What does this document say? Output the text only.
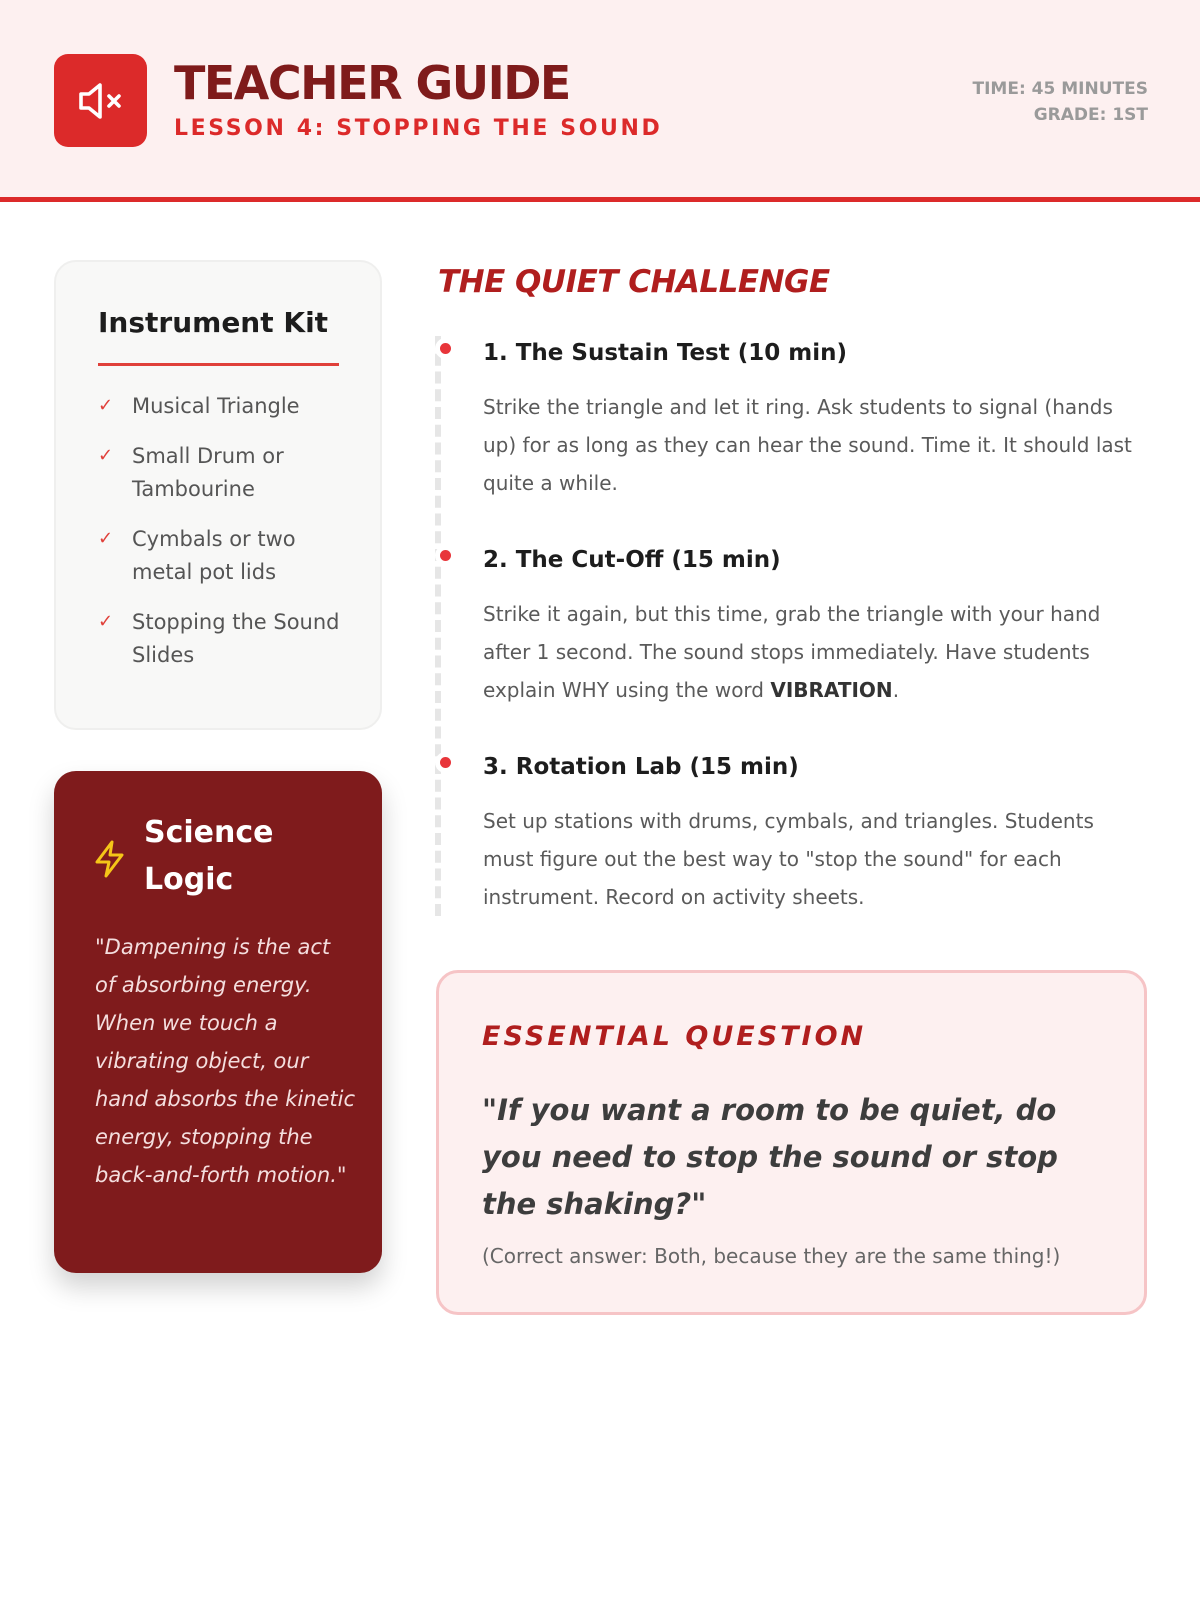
TEACHER GUIDE
LESSON 4: STOPPING THE SOUND
TIME: 45 MINUTES
GRADE: 1ST
Instrument Kit
✓ Musical Triangle
✓ Small Drum or Tambourine
✓ Cymbals or two metal pot lids
✓ Stopping the Sound Slides
Science Logic
"Dampening is the act of absorbing energy. When we touch a vibrating object, our hand absorbs the kinetic energy, stopping the back-and-forth motion."
THE QUIET CHALLENGE
1. The Sustain Test (10 min)

Strike the triangle and let it ring. Ask students to signal (hands up) for as long as they can hear the sound. Time it. It should last quite a while.

2. The Cut-Off (15 min)

Strike it again, but this time, grab the triangle with your hand after 1 second. The sound stops immediately. Have students explain WHY using the word VIBRATION.

3. Rotation Lab (15 min)

Set up stations with drums, cymbals, and triangles. Students must figure out the best way to "stop the sound" for each instrument. Record on activity sheets.

ESSENTIAL QUESTION
"If you want a room to be quiet, do you need to stop the sound or stop the shaking?"
(Correct answer: Both, because they are the same thing!)
